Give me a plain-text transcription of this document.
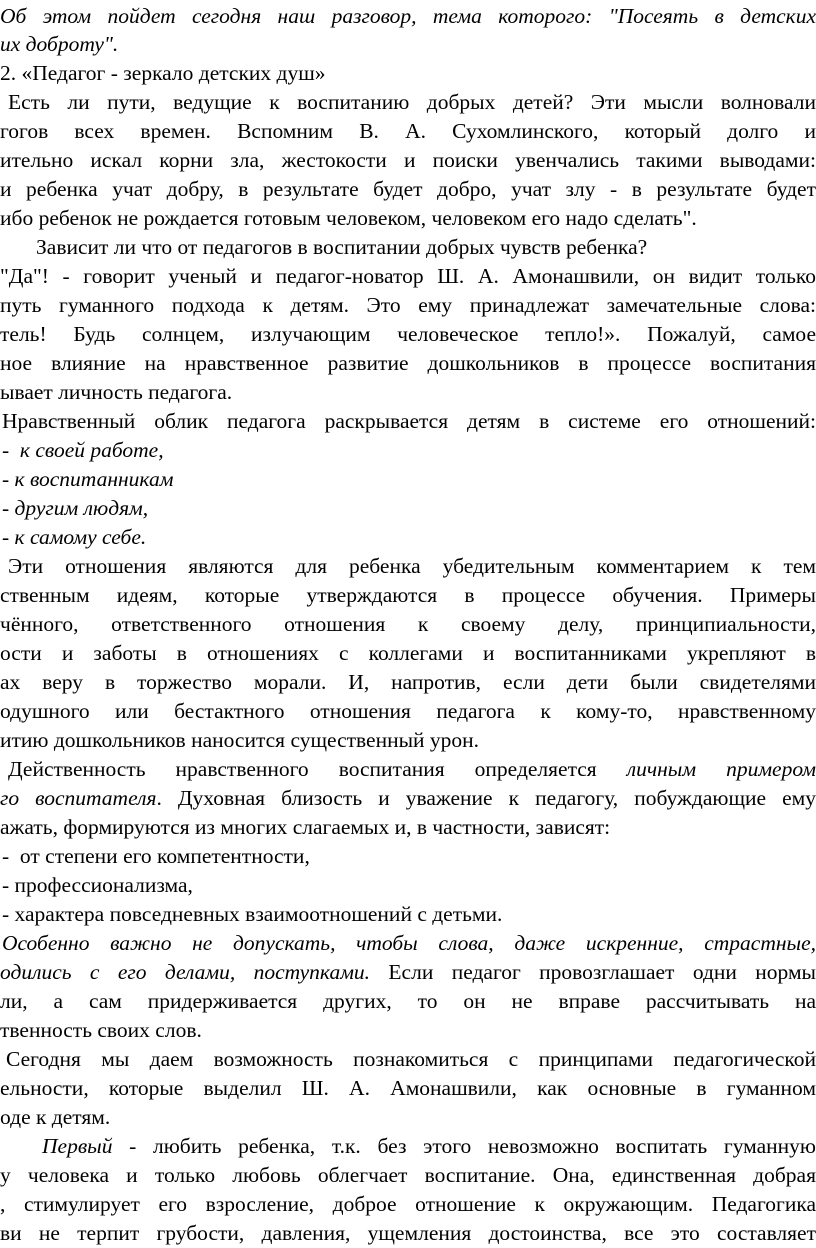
Об этом пойдет сегодня наш разговор, тема которого: "Посеять в детских
их доброту".
2. «Педагог - зеркало детских душ»
Есть ли пути, ведущие к воспитанию добрых детей? Эти мысли волновали
гогов всех времен. Вспомним В. А. Сухомлинского, который долго и
ительно искал корни зла, жестокости и поиски увенчались такими выводами:
и ребенка учат добру, в результате будет добро, учат злу - в результате будет
ибо ребенок не рождается готовым человеком, человеком его надо сделать".
Зависит ли что от педагогов в воспитании добрых чувств ребенка?
"Да"! - говорит ученый и педагог-новатор Ш. А. Амонашвили, он видит только
путь гуманного подхода к детям. Это ему принадлежат замечательные слова:
тель! Будь солнцем, излучающим человеческое тепло!». Пожалуй, самое
ное влияние на нравственное развитие дошкольников в процессе воспитания
ывает личность педагога.
Нравственный облик педагога раскрывается детям в системе его отношений:
-  к своей работе,
- к воспитанникам
- другим людям,
- к самому себе.
Эти отношения являются для ребенка убедительным комментарием к тем
ственным идеям, которые утверждаются в процессе обучения. Примеры
чённого, ответственного отношения к своему делу, принципиальности,
ости и заботы в отношениях с коллегами и воспитанниками укрепляют в
ах веру в торжество морали. И, напротив, если дети были свидетелями
одушного или бестактного отношения педагога к кому-то, нравственному
итию дошкольников наносится существенный урон.
Действенность нравственного воспитания определяется личным примером
го воспитателя. Духовная близость и уважение к педагогу, побуждающие ему
ажать, формируются из многих слагаемых и, в частности, зависят:
-  от степени его компетентности,
- профессионализма,
- характера повседневных взаимоотношений с детьми.
Особенно важно не допускать, чтобы слова, даже искренние, страстные,
одились с его делами, поступками. Если педагог провозглашает одни нормы
ли, а сам придерживается других, то он не вправе рассчитывать на
твенность своих слов.
Сегодня мы даем возможность познакомиться с принципами педагогической
ельности, которые выделил Ш. А. Амонашвили, как основные в гуманном
оде к детям.
Первый - любить ребенка, т.к. без этого невозможно воспитать гуманную
у человека и только любовь облегчает воспитание. Она, единственная добрая
, стимулирует его взросление, доброе отношение к окружающим. Педагогика
ви не терпит грубости, давления, ущемления достоинства, все это составляет
